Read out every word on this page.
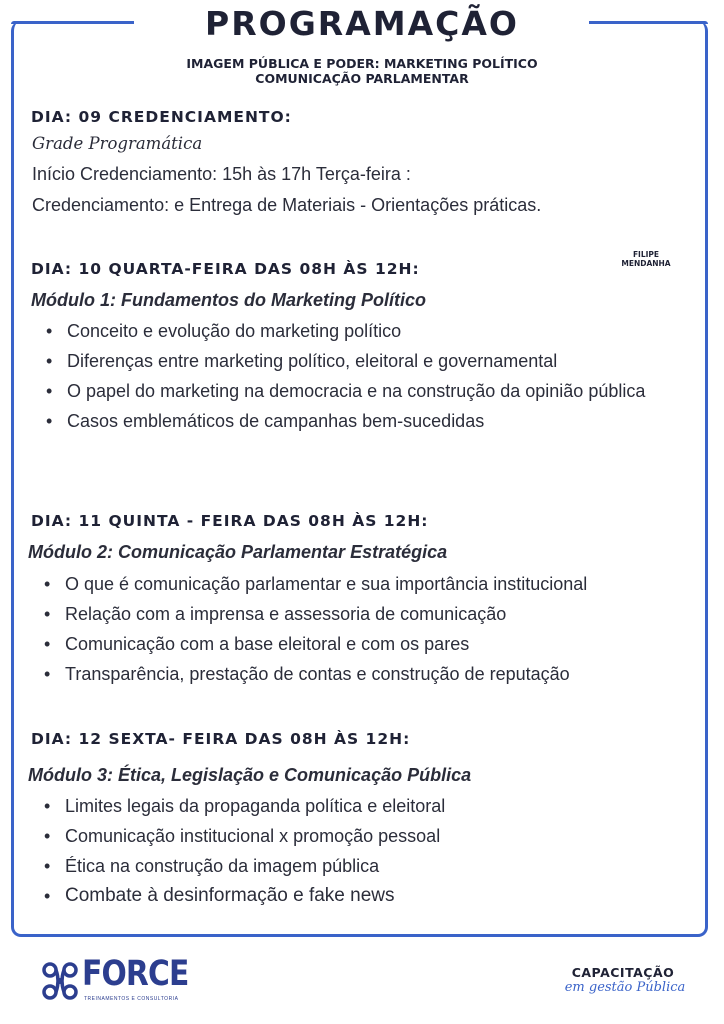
PROGRAMAÇÃO
IMAGEM PÚBLICA E PODER: MARKETING POLÍTICO
COMUNICAÇÃO PARLAMENTAR
DIA: 09 CREDENCIAMENTO:
Grade Programática
Início Credenciamento: 15h às 17h Terça-feira :
Credenciamento: e Entrega de Materiais - Orientações práticas.
FILIPE
MENDANHA
DIA: 10 QUARTA-FEIRA DAS 08H ÀS 12H:
Módulo 1: Fundamentos do Marketing Político
• Conceito e evolução do marketing político
• Diferenças entre marketing político, eleitoral e governamental
• O papel do marketing na democracia e na construção da opinião pública
• Casos emblemáticos de campanhas bem-sucedidas
DIA: 11 QUINTA - FEIRA DAS 08H ÀS 12H:
Módulo 2: Comunicação Parlamentar Estratégica
• O que é comunicação parlamentar e sua importância institucional
• Relação com a imprensa e assessoria de comunicação
• Comunicação com a base eleitoral e com os pares
• Transparência, prestação de contas e construção de reputação
DIA: 12 SEXTA- FEIRA DAS 08H ÀS 12H:
Módulo 3: Ética, Legislação e Comunicação Pública
• Limites legais da propaganda política e eleitoral
• Comunicação institucional x promoção pessoal
• Ética na construção da imagem pública
• Combate à desinformação e fake news
FORCE
TREINAMENTOS E CONSULTORIA
CAPACITAÇÃO
em gestão Pública
